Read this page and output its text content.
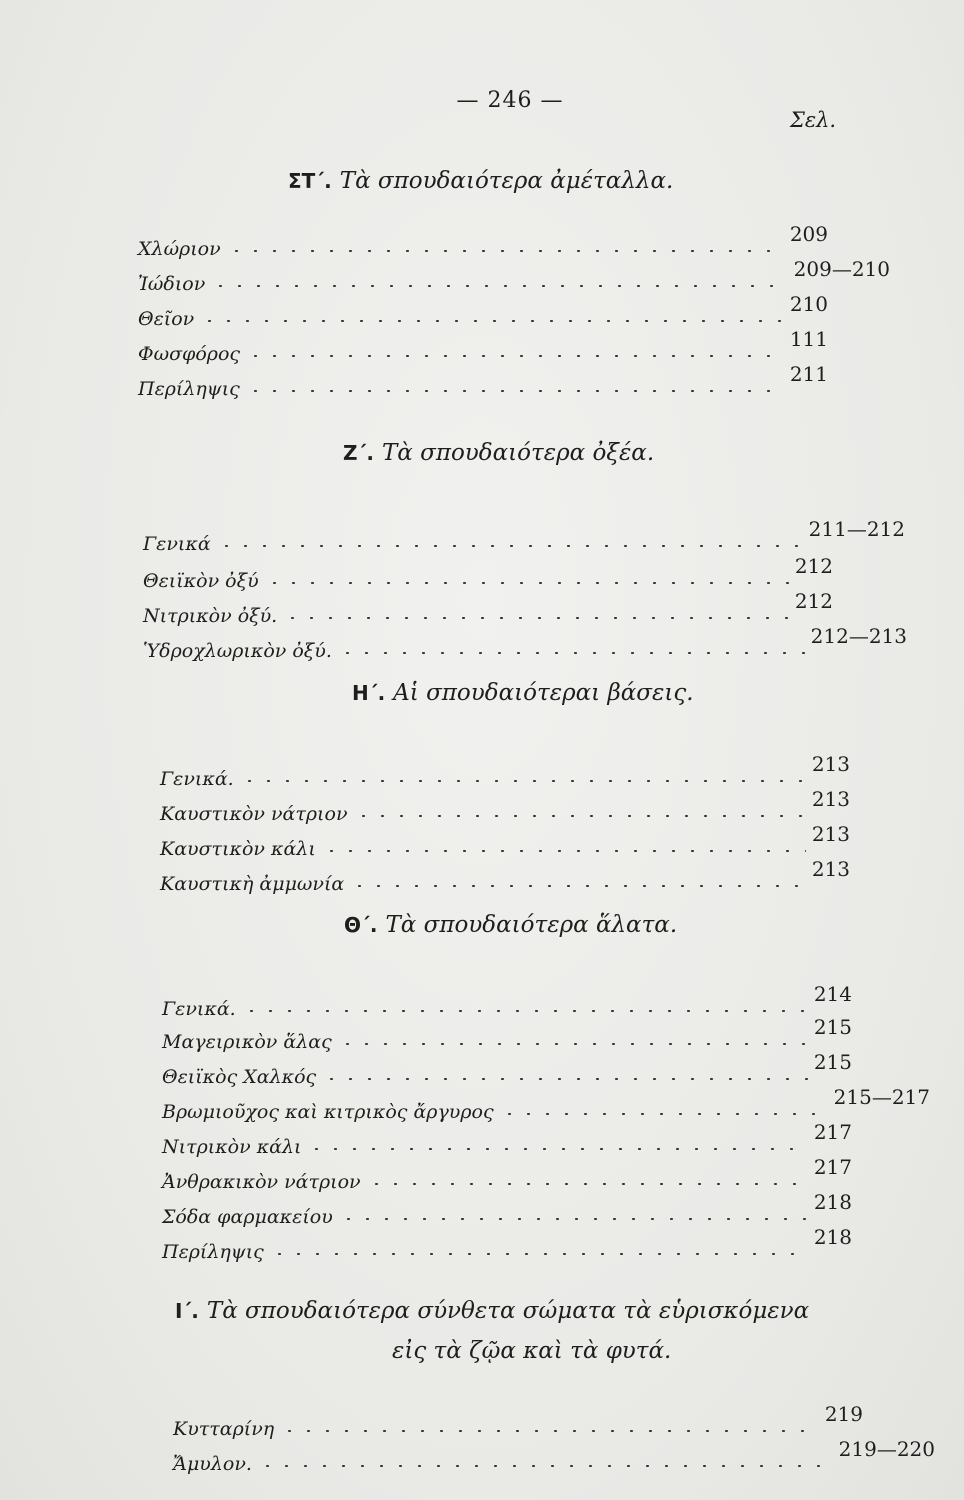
— 246 —
Σελ.
ΣΤ΄. Τὰ σπουδαιότερα ἀμέταλλα.
Χλώριον
209
Ἰώδιον
209—210
Θεῖον
210
Φωσφόρος
111
Περίληψις
211
Ζ΄. Τὰ σπουδαιότερα ὀξέα.
Γενικά
211—212
Θειϊκὸν ὀξύ
212
Νιτρικὸν ὀξύ.
212
Ὑδροχλωρικὸν ὀξύ.
212—213
Η΄. Αἱ σπουδαιότεραι βάσεις.
Γενικά.
213
Καυστικὸν νάτριον
213
Καυστικὸν κάλι
213
Καυστικὴ ἀμμωνία
213
Θ΄. Τὰ σπουδαιότερα ἅλατα.
Γενικά.
214
Μαγειρικὸν ἅλας
215
Θειϊκὸς Χαλκός
215
Βρωμιοῦχος καὶ κιτρικὸς ἄργυρος
215—217
Νιτρικὸν κάλι
217
Ἀνθρακικὸν νάτριον
217
Σόδα φαρμακείου
218
Περίληψις
218
Ι΄. Τὰ σπουδαιότερα σύνθετα σώματα τὰ εὑρισκόμενα
εἰς τὰ ζῷα καὶ τὰ φυτά.
Κυτταρίνη
219
Ἄμυλον.
219—220
